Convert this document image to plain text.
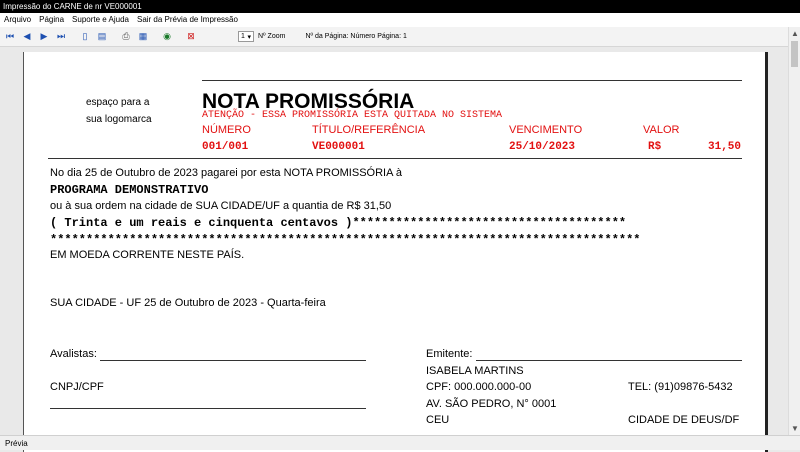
Impressão do CARNE de nr VE000001
Arquivo	Página	Suporte e Ajuda	Sair da Prévia de Impressão
⏮	◀	▶	⏭	▯	▤	⎙	▦	◉	⊠	1 ▾ Nº Zoom	Nº da Página: Número Página: 1
espaço para a
sua logomarca
NOTA PROMISSÓRIA
ATENÇÃO - ESSA PROMISSÓRIA ESTA QUITADA NO SISTEMA
NÚMERO	TÍTULO/REFERÊNCIA	VENCIMENTO	VALOR
001/001	VE000001	25/10/2023	R$	31,50
No dia 25 de Outubro de 2023 pagarei por esta NOTA PROMISSÓRIA à
PROGRAMA DEMONSTRATIVO
ou à sua ordem na cidade de SUA CIDADE/UF a quantia de R$ 31,50
( Trinta e um reais e cinquenta centavos )**************************************
**********************************************************************************
EM MOEDA CORRENTE NESTE PAÍS.
SUA CIDADE - UF 25 de Outubro de 2023 - Quarta-feira
Avalistas:
CNPJ/CPF
Emitente:
ISABELA MARTINS
CPF: 000.000.000-00	TEL: (91)09876-5432
AV. SÃO PEDRO, N° 0001
CEU	CIDADE DE DEUS/DF
▲
▼
Prévia
